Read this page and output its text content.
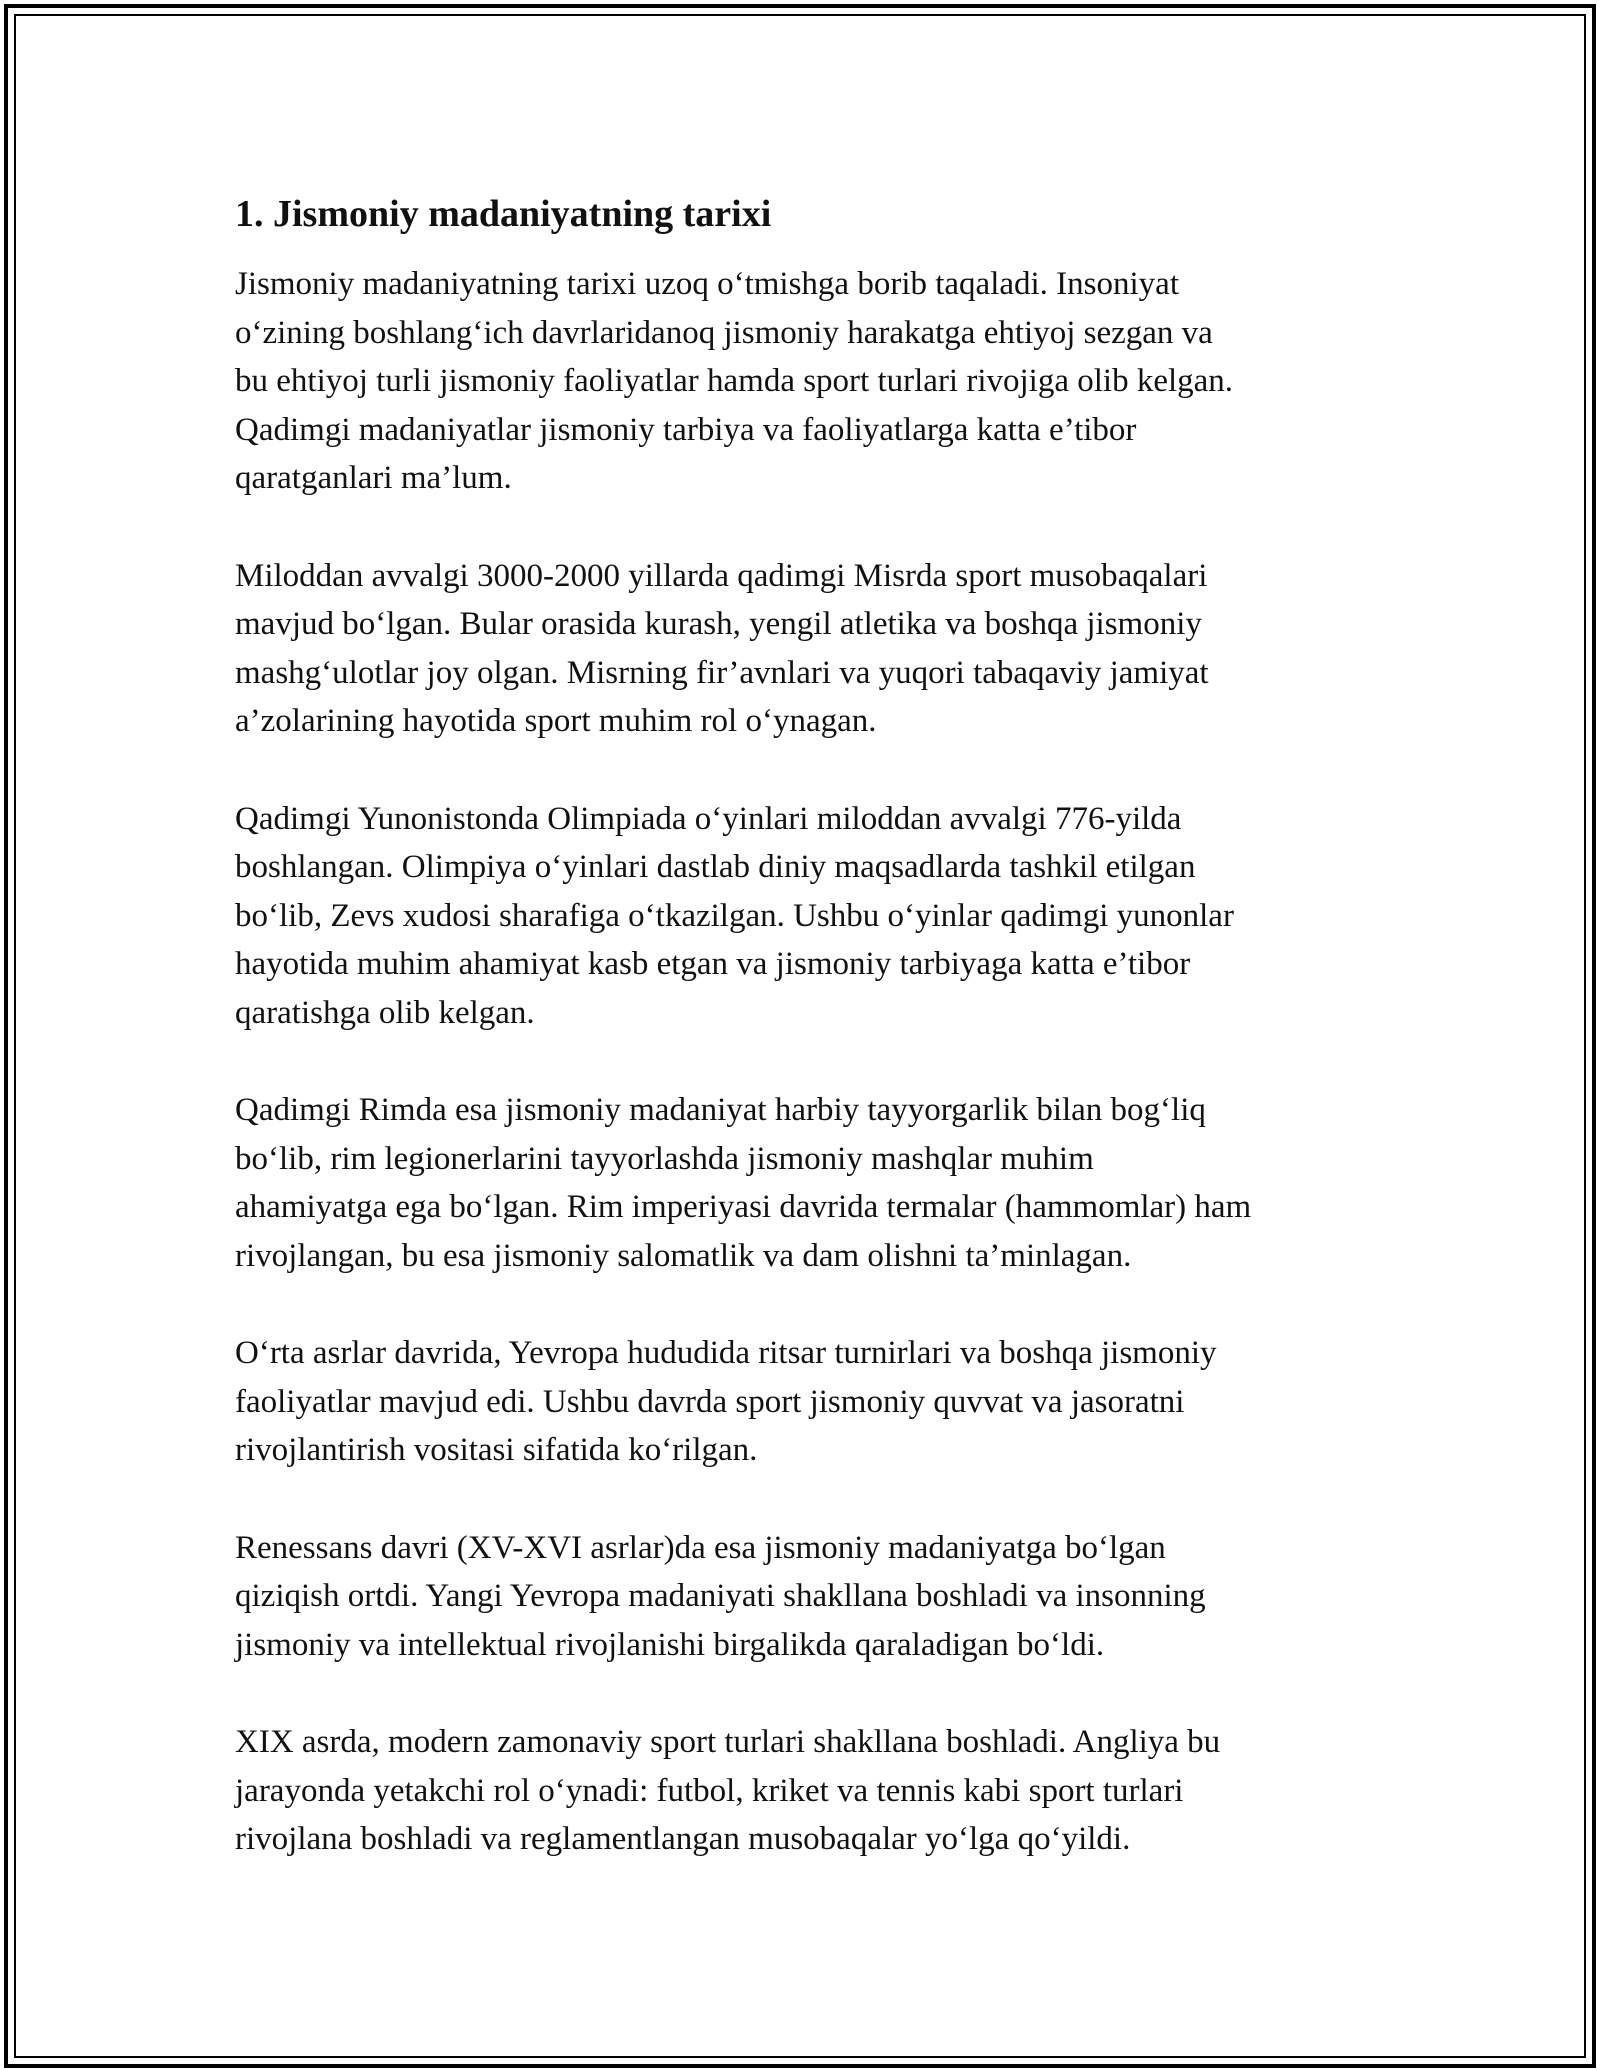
1. Jismoniy madaniyatning tarixi

Jismoniy madaniyatning tarixi uzoq o‘tmishga borib taqaladi. Insoniyat
o‘zining boshlang‘ich davrlaridanoq jismoniy harakatga ehtiyoj sezgan va
bu ehtiyoj turli jismoniy faoliyatlar hamda sport turlari rivojiga olib kelgan.
Qadimgi madaniyatlar jismoniy tarbiya va faoliyatlarga katta e’tibor
qaratganlari ma’lum.

Miloddan avvalgi 3000-2000 yillarda qadimgi Misrda sport musobaqalari
mavjud bo‘lgan. Bular orasida kurash, yengil atletika va boshqa jismoniy
mashg‘ulotlar joy olgan. Misrning fir’avnlari va yuqori tabaqaviy jamiyat
a’zolarining hayotida sport muhim rol o‘ynagan.

Qadimgi Yunonistonda Olimpiada o‘yinlari miloddan avvalgi 776-yilda
boshlangan. Olimpiya o‘yinlari dastlab diniy maqsadlarda tashkil etilgan
bo‘lib, Zevs xudosi sharafiga o‘tkazilgan. Ushbu o‘yinlar qadimgi yunonlar
hayotida muhim ahamiyat kasb etgan va jismoniy tarbiyaga katta e’tibor
qaratishga olib kelgan.

Qadimgi Rimda esa jismoniy madaniyat harbiy tayyorgarlik bilan bog‘liq
bo‘lib, rim legionerlarini tayyorlashda jismoniy mashqlar muhim
ahamiyatga ega bo‘lgan. Rim imperiyasi davrida termalar (hammomlar) ham
rivojlangan, bu esa jismoniy salomatlik va dam olishni ta’minlagan.

O‘rta asrlar davrida, Yevropa hududida ritsar turnirlari va boshqa jismoniy
faoliyatlar mavjud edi. Ushbu davrda sport jismoniy quvvat va jasoratni
rivojlantirish vositasi sifatida ko‘rilgan.

Renessans davri (XV-XVI asrlar)da esa jismoniy madaniyatga bo‘lgan
qiziqish ortdi. Yangi Yevropa madaniyati shakllana boshladi va insonning
jismoniy va intellektual rivojlanishi birgalikda qaraladigan bo‘ldi.

XIX asrda, modern zamonaviy sport turlari shakllana boshladi. Angliya bu
jarayonda yetakchi rol o‘ynadi: futbol, kriket va tennis kabi sport turlari
rivojlana boshladi va reglamentlangan musobaqalar yo‘lga qo‘yildi.
